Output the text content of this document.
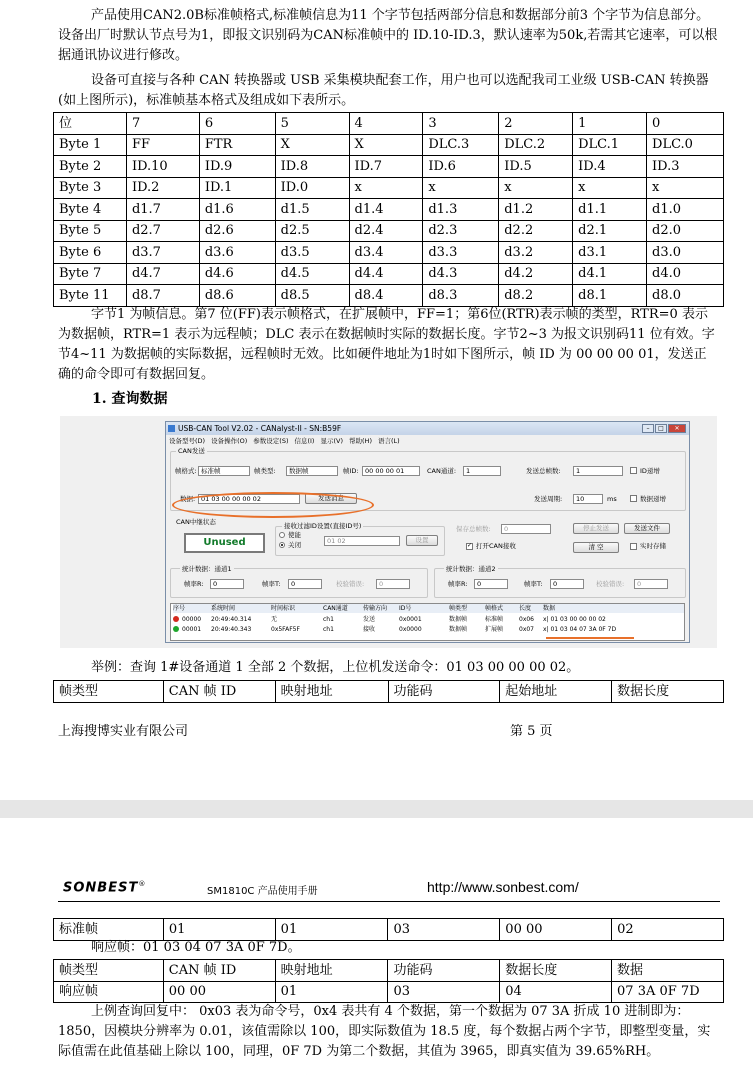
产品使用CAN2.0B标准帧格式,标准帧信息为11 个字节包括两部分信息和数据部分前3 个字节为信息部分。设备出厂时默认节点号为1，即报文识别码为CAN标准帧中的 ID.10-ID.3，默认速率为50k,若需其它速率，可以根据通讯协议进行修改。

设备可直接与各种 CAN 转换器或 USB 采集模块配套工作，用户也可以选配我司工业级 USB-CAN 转换器(如上图所示)，标准帧基本格式及组成如下表所示。

位	7	6	5	4	3	2	1	0
Byte 1	FF	FTR	X	X	DLC.3	DLC.2	DLC.1	DLC.0
Byte 2	ID.10	ID.9	ID.8	ID.7	ID.6	ID.5	ID.4	ID.3
Byte 3	ID.2	ID.1	ID.0	x	x	x	x	x
Byte 4	d1.7	d1.6	d1.5	d1.4	d1.3	d1.2	d1.1	d1.0
Byte 5	d2.7	d2.6	d2.5	d2.4	d2.3	d2.2	d2.1	d2.0
Byte 6	d3.7	d3.6	d3.5	d3.4	d3.3	d3.2	d3.1	d3.0
Byte 7	d4.7	d4.6	d4.5	d4.4	d4.3	d4.2	d4.1	d4.0
Byte 11	d8.7	d8.6	d8.5	d8.4	d8.3	d8.2	d8.1	d8.0

字节1 为帧信息。第7 位(FF)表示帧格式，在扩展帧中，FF=1；第6位(RTR)表示帧的类型，RTR=0 表示为数据帧，RTR=1 表示为远程帧；DLC 表示在数据帧时实际的数据长度。字节2~3 为报文识别码11 位有效。字节4~11 为数据帧的实际数据，远程帧时无效。比如硬件地址为1时如下图所示，帧 ID 为 00 00 00 01，发送正确的命令即可有数据回复。

1. 查询数据
USB-CAN Tool V2.02 - CANalyst-II - SN:B59F	–	□	✕
设备型号(D) 设备操作(O) 参数设定(S) 信息(I) 显示(V) 帮助(H) 语言(L)
CAN发送
帧格式: 标准帧	帧类型:	数据帧	帧ID: 00 00 00 01	CAN通道:	1	发送总帧数:	1	ID递增
数据: 01 03 00 00 00 02	发送消息	发送周期:	10	ms	数据递增
CAN中继状态
Unused
接收过滤ID设置(直接ID号)
使能
关闭	01 02	设置
保存总帧数:	0	停止发送	发送文件
✓
打开CAN接收	清 空	实时存储
统计数据：通道1
帧率R:	0	帧率T:	0	校验错误:	0
统计数据：通道2
帧率R:	0	帧率T:	0	校验错误:	0
序号	系统时间	时间标识	CAN通道	传输方向 ID号	帧类型	帧格式	长度 数据
00000 20:49:40.314	无	ch1	发送	0x0001	数据帧	标准帧	0x06 x| 01 03 00 00 00 02
00001 20:49:40.343	0x5FAF5F	ch1	接收	0x0000	数据帧	扩展帧	0x07 x| 01 03 04 07 3A 0F 7D

举例：查询 1#设备通道 1 全部 2 个数据，上位机发送命令：01 03 00 00 00 02。

帧类型	CAN 帧 ID	映射地址	功能码	起始地址	数据长度
上海搜博实业有限公司	第 5 页
SONBEST®
SM1810C 产品使用手册	http://www.sonbest.com/
标准帧	01	01	03	00 00	02

响应帧：01 03 04 07 3A 0F 7D。

帧类型	CAN 帧 ID	映射地址	功能码	数据长度	数据
响应帧	00 00	01	03	04	07 3A 0F 7D

上例查询回复中： 0x03 表为命令号，0x4 表共有 4 个数据，第一个数据为 07 3A 折成 10 进制即为：1850，因模块分辨率为 0.01，该值需除以 100，即实际数值为 18.5 度，每个数据占两个字节，即整型变量，实际值需在此值基础上除以 100，同理，0F 7D 为第二个数据，其值为 3965，即真实值为 39.65%RH。
